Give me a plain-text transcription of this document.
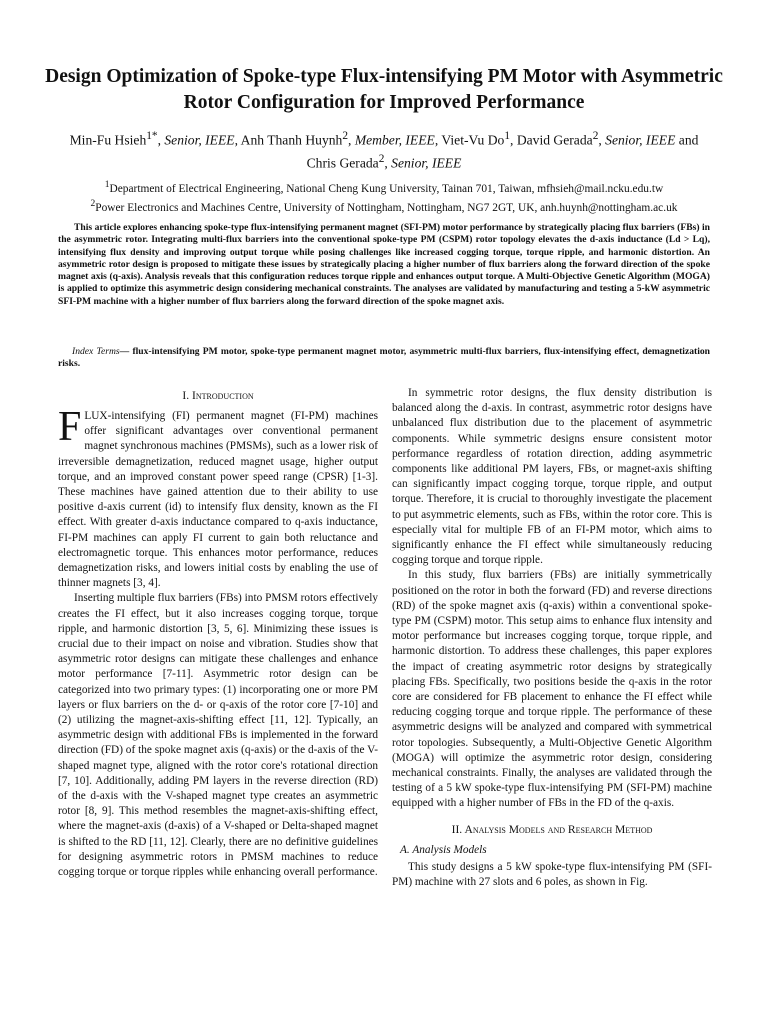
Design Optimization of Spoke-type Flux-intensifying PM Motor with Asymmetric Rotor Configuration for Improved Performance
Min-Fu Hsieh$^{1*}$, Senior, IEEE, Anh Thanh Huynh$^2$, Member, IEEE, Viet-Vu Do$^1$, David Gerada$^2$, Senior, IEEE and
Chris Gerada$^2$, Senior, IEEE
$^1$Department of Electrical Engineering, National Cheng Kung University, Tainan 701, Taiwan, mfhsieh@mail.ncku.edu.tw
$^2$Power Electronics and Machines Centre, University of Nottingham, Nottingham, NG7 2GT, UK, anh.huynh@nottingham.ac.uk

This article explores enhancing spoke-type flux-intensifying permanent magnet (SFI-PM) motor performance by strategically placing flux barriers (FBs) in the asymmetric rotor. Integrating multi-flux barriers into the conventional spoke-type PM (CSPM) rotor topology elevates the d-axis inductance (Ld > Lq), intensifying flux density and improving output torque while posing challenges like increased cogging torque, torque ripple, and harmonic distortion. An asymmetric rotor design is proposed to mitigate these issues by strategically placing a higher number of flux barriers along the forward direction of the spoke magnet axis (q-axis). Analysis reveals that this configuration reduces torque ripple and enhances output torque. A Multi-Objective Genetic Algorithm (MOGA) is applied to optimize this asymmetric design considering mechanical constraints. The analyses are validated by manufacturing and testing a 5-kW asymmetric SFI-PM machine with a higher number of flux barriers along the forward direction of the spoke magnet axis.

Index Terms— flux-intensifying PM motor, spoke-type permanent magnet motor, asymmetric multi-flux barriers, flux-intensifying effect, demagnetization risks.

I. Introduction

FLUX-intensifying (FI) permanent magnet (FI-PM) machines offer significant advantages over conventional permanent magnet synchronous machines (PMSMs), such as a lower risk of irreversible demagnetization, reduced magnet usage, higher output torque, and an improved constant power speed range (CPSR) [1-3]. These machines have gained attention due to their ability to use positive d-axis current (id) to intensify flux density, known as the FI effect. With greater d-axis inductance compared to q-axis inductance, FI-PM machines can apply FI current to gain both reluctance and electromagnetic torque. This enhances motor performance, reduces demagnetization risks, and lowers initial costs by enabling the use of thinner magnets [3, 4].

Inserting multiple flux barriers (FBs) into PMSM rotors effectively creates the FI effect, but it also increases cogging torque, torque ripple, and harmonic distortion [3, 5, 6]. Minimizing these issues is crucial due to their impact on noise and vibration. Studies show that asymmetric rotor designs can mitigate these challenges and enhance motor performance [7-11]. Asymmetric rotor design can be categorized into two primary types: (1) incorporating one or more PM layers or flux barriers on the d- or q-axis of the rotor core [7-10] and (2) utilizing the magnet-axis-shifting effect [11, 12]. Typically, an asymmetric design with additional FBs is implemented in the forward direction (FD) of the spoke magnet axis (q-axis) or the d-axis of the V-shaped magnet type, aligned with the rotor core's rotational direction [7, 10]. Additionally, adding PM layers in the reverse direction (RD) of the d-axis with the V-shaped magnet type creates an asymmetric rotor [8, 9]. This method resembles the magnet-axis-shifting effect, where the magnet-axis (d-axis) of a V-shaped or Delta-shaped magnet is shifted to the RD [11, 12]. Clearly, there are no definitive guidelines for designing asymmetric rotors in PMSM machines to reduce cogging torque or torque ripples while enhancing overall performance.

In symmetric rotor designs, the flux density distribution is balanced along the d-axis. In contrast, asymmetric rotor designs have unbalanced flux distribution due to the placement of asymmetric components. While symmetric designs ensure consistent motor performance regardless of rotation direction, adding asymmetric components like additional PM layers, FBs, or magnet-axis shifting can significantly impact cogging torque, torque ripple, and output torque. Therefore, it is crucial to thoroughly investigate the placement to put asymmetric elements, such as FBs, within the rotor core. This is especially vital for multiple FB of an FI-PM motor, which aims to significantly enhance the FI effect while simultaneously reducing cogging torque and torque ripple.

In this study, flux barriers (FBs) are initially symmetrically positioned on the rotor in both the forward (FD) and reverse directions (RD) of the spoke magnet axis (q-axis) within a conventional spoke-type PM (CSPM) motor. This setup aims to enhance flux intensity and motor performance but increases cogging torque, torque ripple, and harmonic distortion. To address these challenges, this paper explores the impact of creating asymmetric rotor designs by strategically placing FBs. Specifically, two positions beside the q-axis in the rotor core are considered for FB placement to enhance the FI effect while reducing cogging torque and torque ripple. The performance of these asymmetric designs will be analyzed and compared with symmetrical rotor topologies. Subsequently, a Multi-Objective Genetic Algorithm (MOGA) will optimize the asymmetric rotor design, considering mechanical constraints. Finally, the analyses are validated through the testing of a 5 kW spoke-type flux-intensifying PM (SFI-PM) machine equipped with a higher number of FBs in the FD of the q-axis.

II. Analysis Models and Research Method
A. Analysis Models

This study designs a 5 kW spoke-type flux-intensifying PM (SFI-PM) machine with 27 slots and 6 poles, as shown in Fig.
